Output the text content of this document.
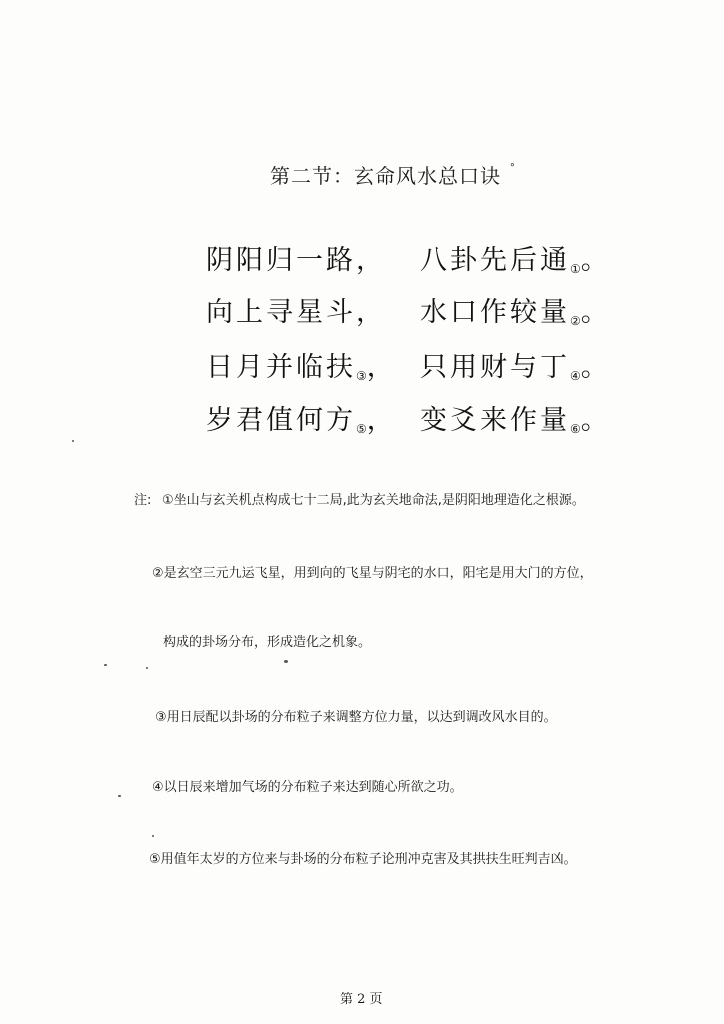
第二节：玄命风水总口诀 ᐤ
阴阳归一路， 八卦先后通①。
向上寻星斗， 水口作较量②。
日月并临扶③， 只用财与丁④。
岁君值何方⑤， 变爻来作量⑥。
注: ①坐山与玄关机点构成七十二局,此为玄关地命法,是阴阳地理造化之根源。
②是玄空三元九运飞星，用到向的飞星与阴宅的水口，阳宅是用大门的方位，
构成的卦场分布，形成造化之机象。
③用日辰配以卦场的分布粒子来调整方位力量，以达到调改风水目的。
④以日辰来增加气场的分布粒子来达到随心所欲之功。
⑤用值年太岁的方位来与卦场的分布粒子论刑冲克害及其拱扶生旺判吉凶。
第 2 页
